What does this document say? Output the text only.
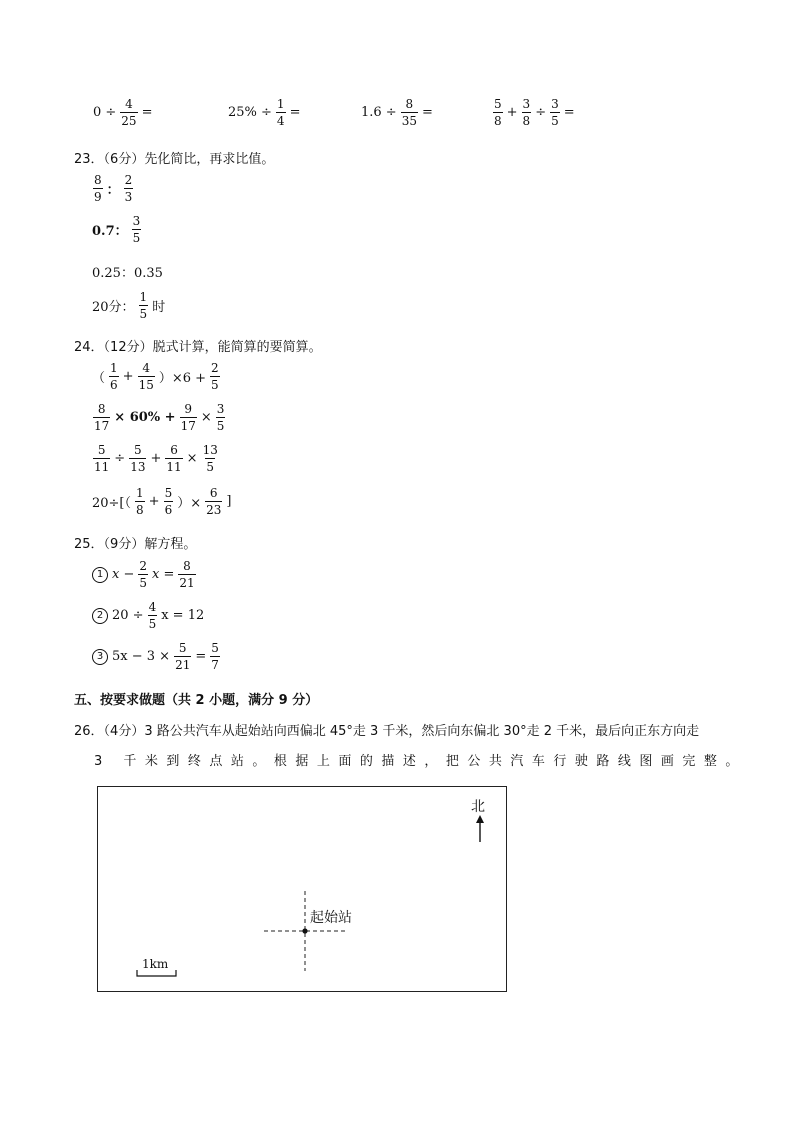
$0 \div \frac{4}{25}$ =	$25\% \div \frac{1}{4}$ =	$1.6 \div \frac{8}{35}$ =	$\frac{5}{8} + \frac{3}{8} \div \frac{3}{5}$ =
23．（6分）先化简比，再求比值。
$\frac{8}{9}$ ： $\frac{2}{3}$
0.7： $\frac{3}{5}$
0.25：0.35
20分： $\frac{1}{5}$ 时
24．（12分）脱式计算，能简算的要简算。
（ $\frac{1}{6} + \frac{4}{15} )\times 6 + \frac{2}{5}$
$\frac{8}{17} \times 60\% + \frac{9}{17} \times \frac{3}{5}$
$\frac{5}{11} \div \frac{5}{13} + \frac{6}{11} \times \frac{13}{5}$
$20\div[( \frac{1}{8} + \frac{5}{6}$ ）× $\frac{6}{23}$ ]
25．（9分）解方程。
1 $x - \frac{2}{5}$ $x = \frac{8}{21}$
2 $20 \div \frac{4}{5}$ x = 12
3 $5x - 3 \times \frac{5}{21} = \frac{5}{7}$
五、按要求做题（共 2 小题，满分 9 分）
26．（4分）3 路公共汽车从起始站向西偏北 45°走 3 千米，然后向东偏北 30°走 2 千米，最后向正东方向走
3 千米到终点站。根据上面的描述，把公共汽车行驶路线图画完整。
北
起始站
1km
